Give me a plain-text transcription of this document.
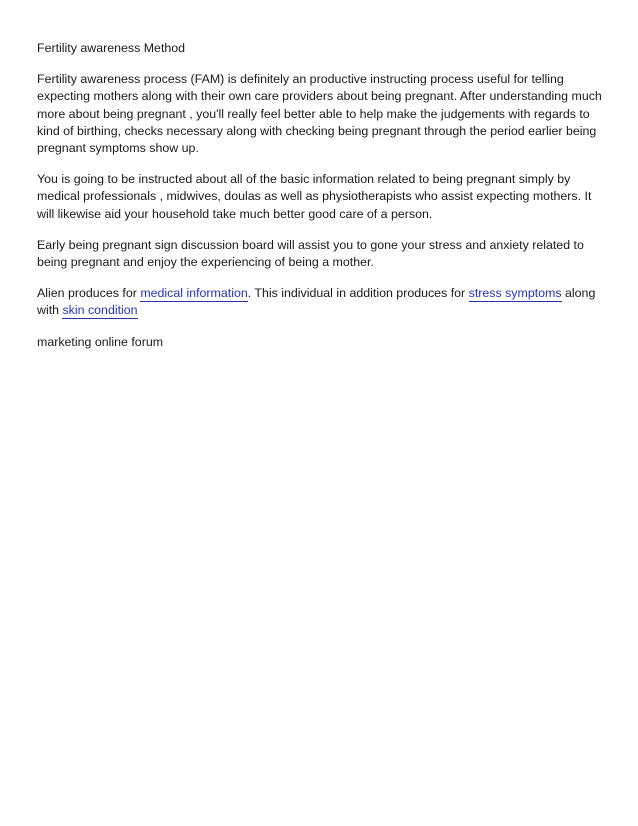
Fertility awareness Method

Fertility awareness process (FAM) is definitely an productive instructing process useful for telling expecting mothers along with their own care providers about being pregnant. After understanding much more about being pregnant , you'll really feel better able to help make the judgements with regards to kind of birthing, checks necessary along with checking being pregnant through the period earlier being pregnant symptoms show up.

You is going to be instructed about all of the basic information related to being pregnant simply by medical professionals , midwives, doulas as well as physiotherapists who assist expecting mothers. It will likewise aid your household take much better good care of a person.

Early being pregnant sign discussion board will assist you to gone your stress and anxiety related to being pregnant and enjoy the experiencing of being a mother.

Alien produces for medical information. This individual in addition produces for stress symptoms along with skin condition

marketing online forum
